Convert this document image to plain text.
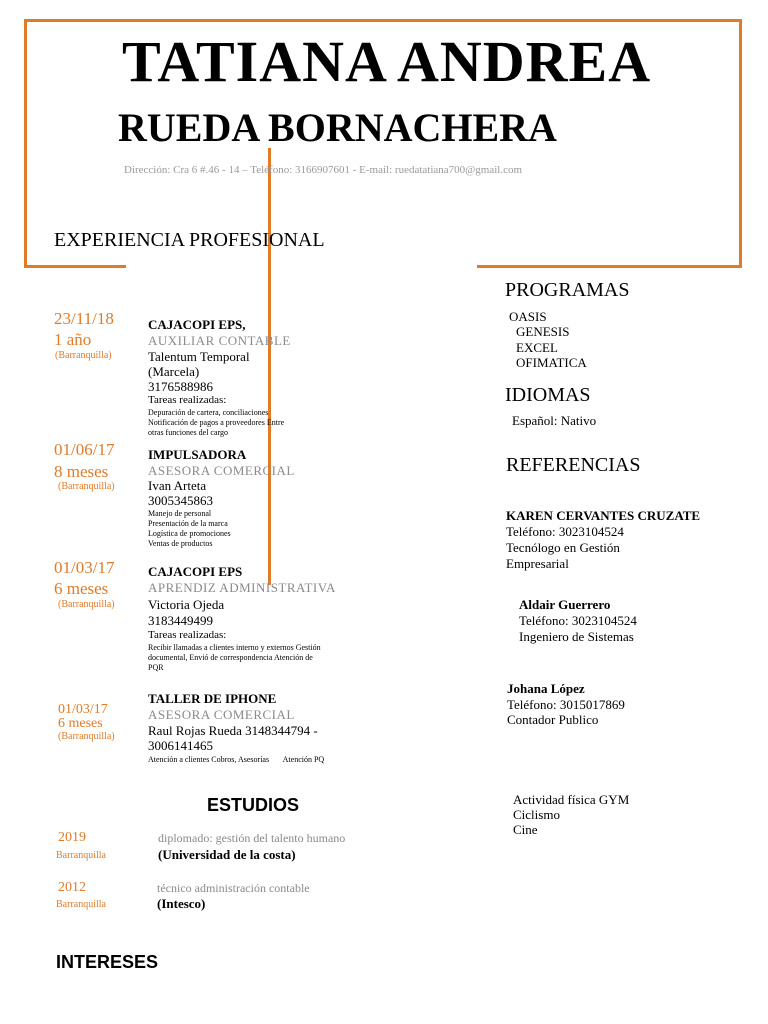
TATIANA ANDREA
RUEDA BORNACHERA
Dirección: Cra 6 #.46 - 14 – Teléfono: 3166907601 - E-mail: ruedatatiana700@gmail.com
EXPERIENCIA PROFESIONAL
23/11/18
1 año
(Barranquilla)
CAJACOPI EPS,
AUXILIAR CONTABLE
Talentum Temporal
(Marcela)
3176588986
Tareas realizadas:
Depuración de cartera, conciliaciones
Notificación de pagos a proveedores Entre
otras funciones del cargo
01/06/17
8 meses
(Barranquilla)
IMPULSADORA
ASESORA COMERCIAL
Ivan Arteta
3005345863
Manejo de personal
Presentación de la marca
Logística de promociones
Ventas de productos
01/03/17
6 meses
(Barranquilla)
CAJACOPI EPS
APRENDIZ ADMINISTRATIVA
Victoria Ojeda
3183449499
Tareas realizadas:
Recibir llamadas a clientes interno y externos Gestión
documental, Envió de correspondencia Atención de
PQR
01/03/17
6 meses
(Barranquilla)
TALLER DE IPHONE
ASESORA COMERCIAL
Raul Rojas Rueda 3148344794 -
3006141465
Atención a clientes Cobros, Asesorías       Atención PQ
ESTUDIOS
2019
Barranquilla
diplomado: gestión del talento humano
(Universidad de la costa)
2012
Barranquilla
técnico administración contable
(Intesco)
INTERESES
PROGRAMAS
OASIS
GENESIS
EXCEL
OFIMATICA
IDIOMAS
Español: Nativo
REFERENCIAS
KAREN CERVANTES CRUZATE
Teléfono: 3023104524
Tecnólogo en Gestión
Empresarial
Aldair Guerrero
Teléfono: 3023104524
Ingeniero de Sistemas
Johana López
Teléfono: 3015017869
Contador Publico
Actividad física GYM
Ciclismo
Cine
